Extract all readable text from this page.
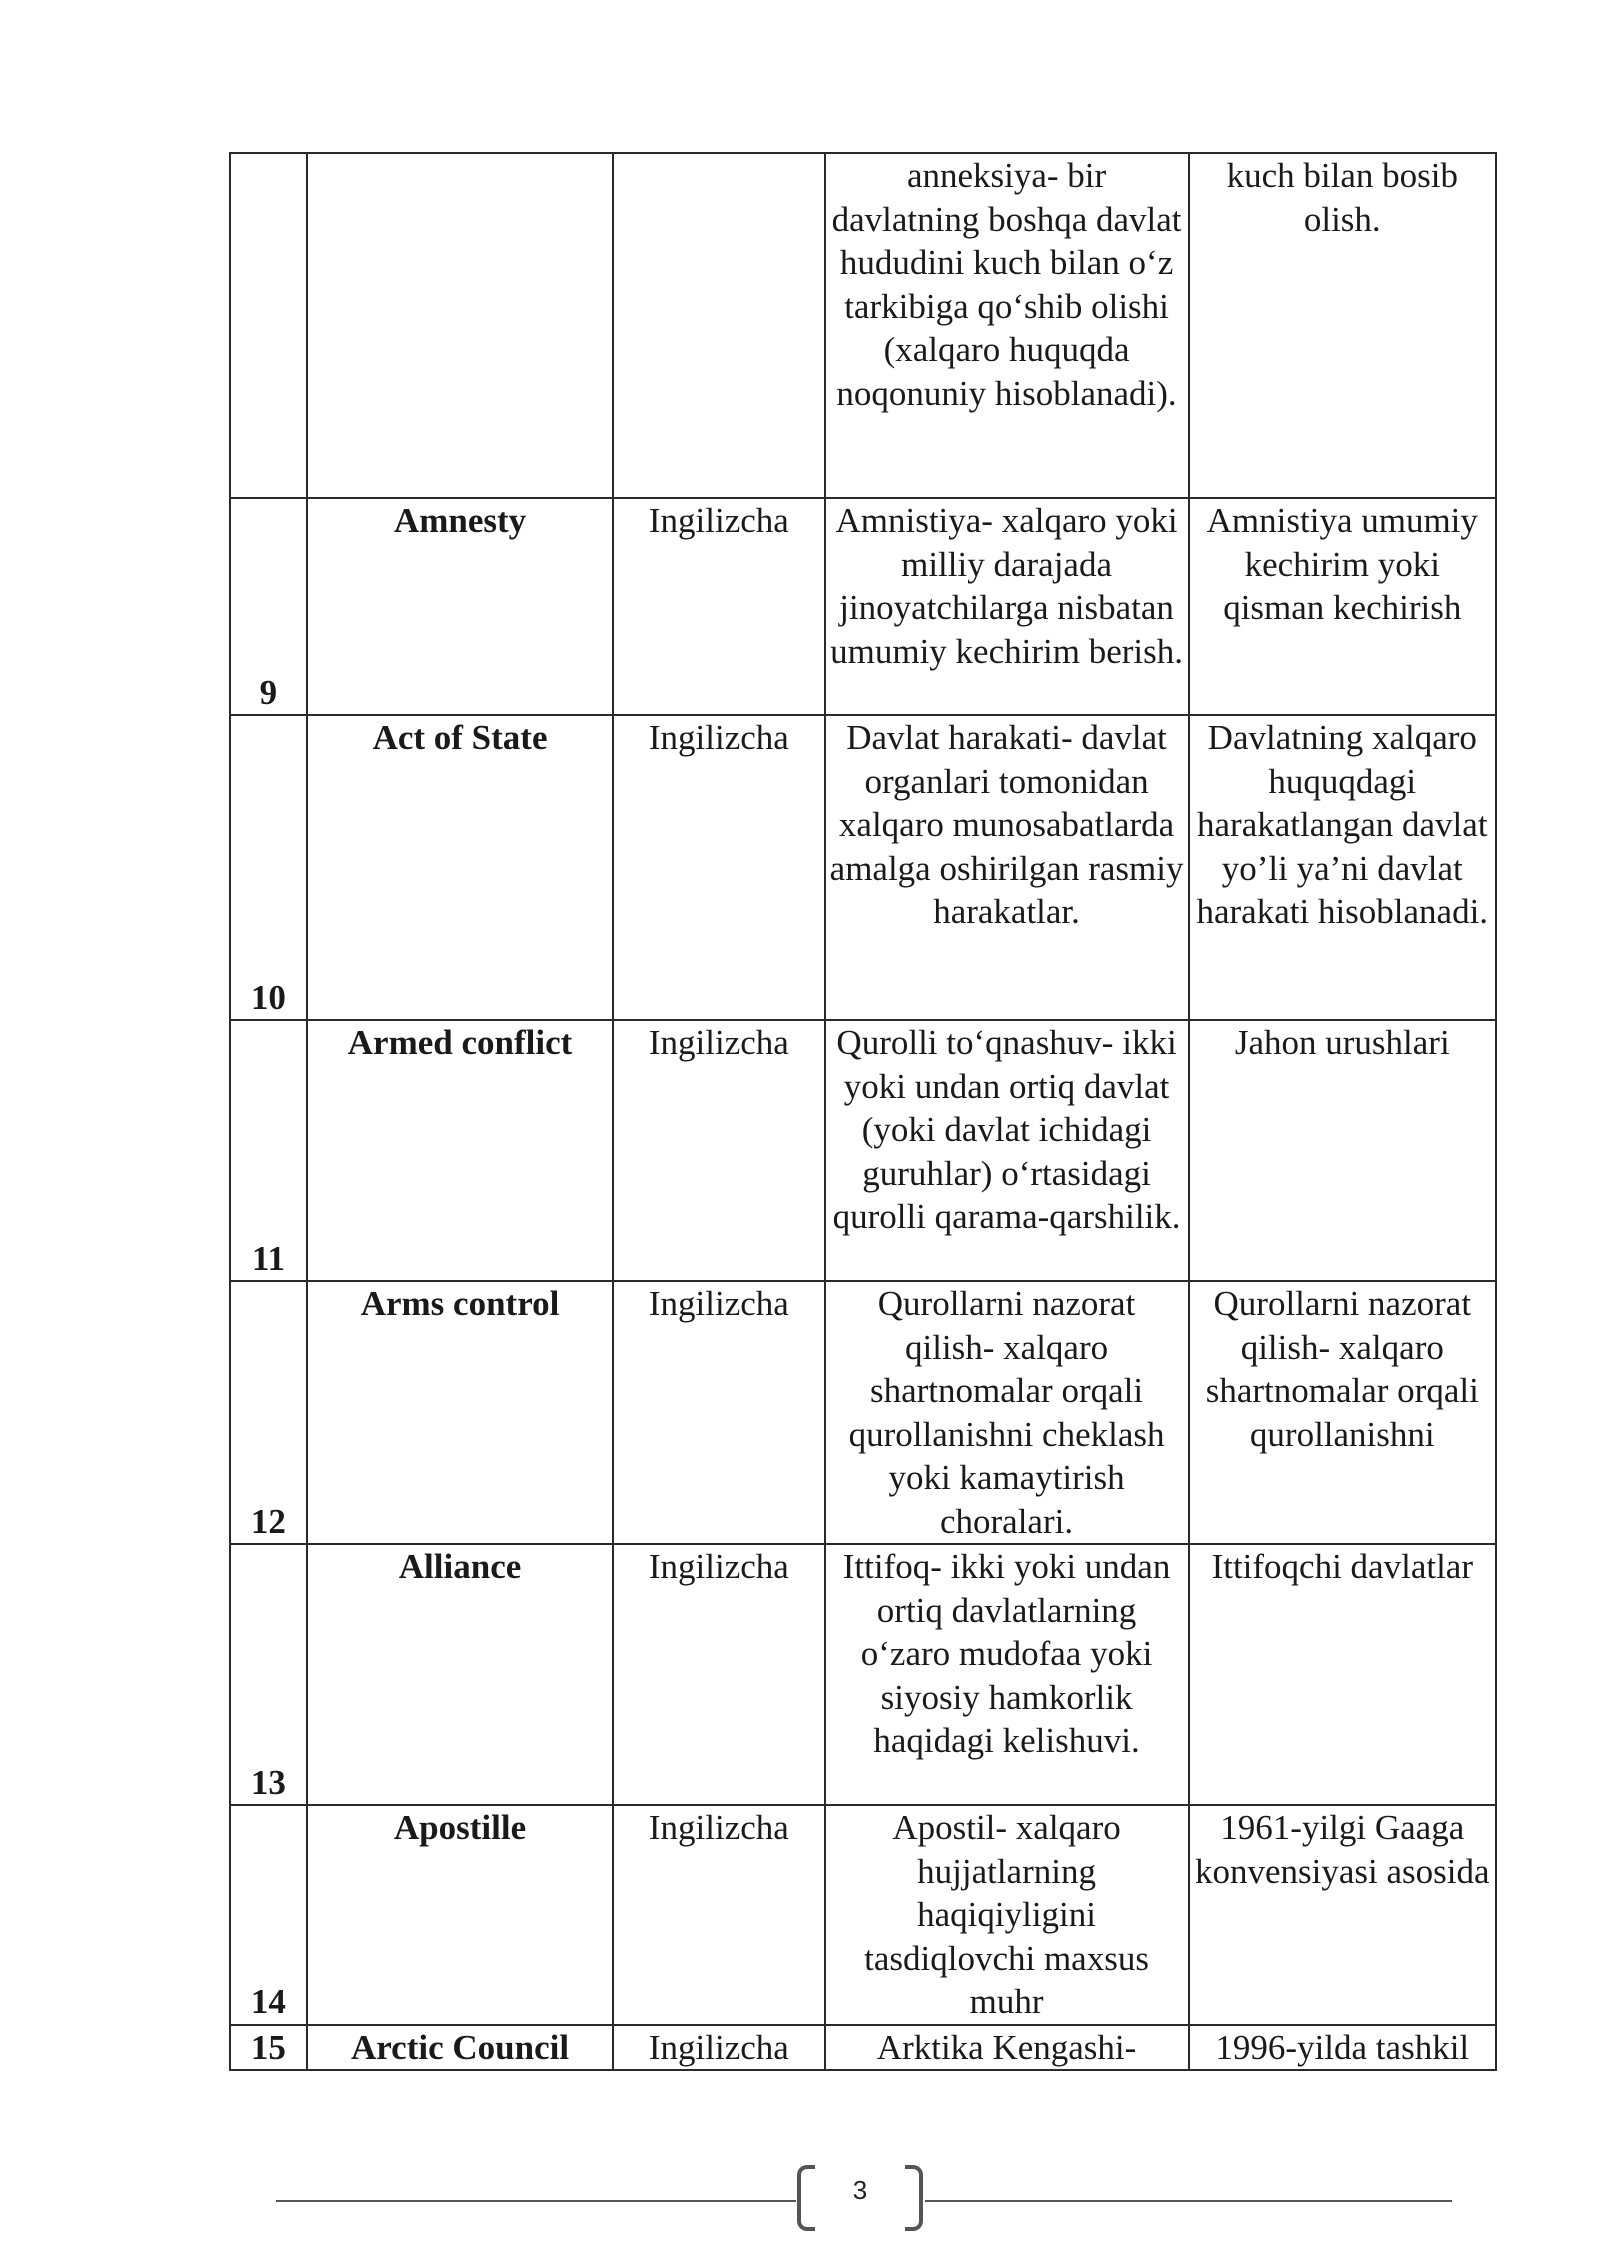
			anneksiya- bir davlatning boshqa davlat hududini kuch bilan o‘z tarkibiga qo‘shib olishi (xalqaro huquqda noqonuniy hisoblanadi).	kuch bilan bosib olish.
9	Amnesty	Ingilizcha	Amnistiya- xalqaro yoki milliy darajada jinoyatchilarga nisbatan umumiy kechirim berish.	Amnistiya umumiy kechirim yoki qisman kechirish
10	Act of State	Ingilizcha	Davlat harakati- davlat organlari tomonidan xalqaro munosabatlarda amalga oshirilgan rasmiy harakatlar.	Davlatning xalqaro huquqdagi harakatlangan davlat yo’li ya’ni davlat harakati hisoblanadi.
11	Armed conflict	Ingilizcha	Qurolli to‘qnashuv- ikki yoki undan ortiq davlat (yoki davlat ichidagi guruhlar) o‘rtasidagi qurolli qarama-qarshilik.	Jahon urushlari
12	Arms control	Ingilizcha	Qurollarni nazorat qilish- xalqaro shartnomalar orqali qurollanishni cheklash yoki kamaytirish choralari.	Qurollarni nazorat qilish- xalqaro shartnomalar orqali qurollanishni
13	Alliance	Ingilizcha	Ittifoq- ikki yoki undan ortiq davlatlarning o‘zaro mudofaa yoki siyosiy hamkorlik haqidagi kelishuvi.	Ittifoqchi davlatlar
14	Apostille	Ingilizcha	Apostil- xalqaro hujjatlarning haqiqiyligini tasdiqlovchi maxsus muhr	1961-yilgi Gaaga konvensiyasi asosida
15	Arctic Council	Ingilizcha	Arktika Kengashi-	1996-yilda tashkil
3
